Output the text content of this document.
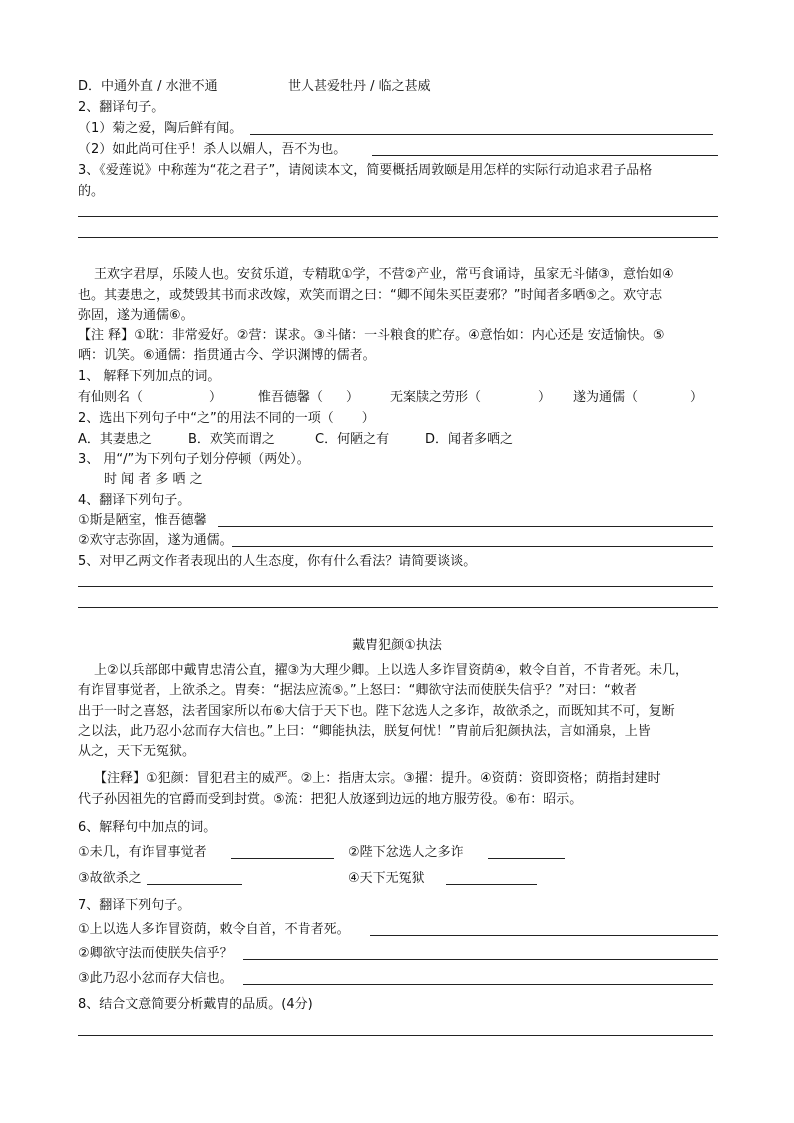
D．中通外直 / 水泄不通	世人甚爱牡丹 / 临之甚威
2、翻译句子。
（1）菊之爱，陶后鲜有闻。
（2）如此尚可住乎！杀人以媚人，吾不为也。
3、《爱莲说》中称莲为“花之君子”，请阅读本文，简要概括周敦颐是用怎样的实际行动追求君子品格
的。
王欢字君厚，乐陵人也。安贫乐道，专精耽①学，不营②产业，常丐食诵诗，虽家无斗储③，意怡如④
也。其妻患之，或焚毁其书而求改嫁，欢笑而谓之曰：“卿不闻朱买臣妻邪？”时闻者多哂⑤之。欢守志
弥固，遂为通儒⑥。
【注 释】①耽：非常爱好。②营：谋求。③斗储：一斗粮食的贮存。④意怡如：内心还是 安适愉快。⑤
哂：讥笑。⑥通儒：指贯通古今、学识渊博的儒者。
1、 解释下列加点的词。
有仙则名（	）	惟吾德馨（ ） 无案牍之劳形（	） 遂为通儒（	）
2、选出下列句子中“之”的用法不同的一项（ ）
A．其妻患之	B．欢笑而谓之	C．何陋之有	D．闻者多哂之
3、 用“/”为下列句子划分停顿（两处）。
时 闻 者 多 哂 之
4、翻译下列句子。
①斯是陋室，惟吾德馨
②欢守志弥固，遂为通儒。
5、对甲乙两文作者表现出的人生态度，你有什么看法？请简要谈谈。
戴胄犯颜①执法
上②以兵部郎中戴胄忠清公直，擢③为大理少卿。上以选人多诈冒资荫④，敕令自首，不肯者死。未几，
有诈冒事觉者，上欲杀之。胄奏：“据法应流⑤。”上怒曰：“卿欲守法而使朕失信乎？”对曰：“敕者
出于一时之喜怒，法者国家所以布⑥大信于天下也。陛下忿选人之多诈，故欲杀之，而既知其不可，复断
之以法，此乃忍小忿而存大信也。”上曰：“卿能执法，朕复何忧！”胄前后犯颜执法，言如涌泉，上皆
从之，天下无冤狱。
【注释】①犯颜：冒犯君主的威严。②上：指唐太宗。③擢：提升。④资荫：资即资格；荫指封建时
代子孙因祖先的官爵而受到封赏。⑤流：把犯人放逐到边远的地方服劳役。⑥布：昭示。
6、解释句中加点的词。
①未几，有诈冒事觉者	②陛下忿选人之多诈
③故欲杀之	④天下无冤狱
7、翻译下列句子。
①上以选人多诈冒资荫，敕令自首，不肯者死。
②卿欲守法而使朕失信乎？
③此乃忍小忿而存大信也。
8、结合文意简要分析戴胄的品质。(4分)
